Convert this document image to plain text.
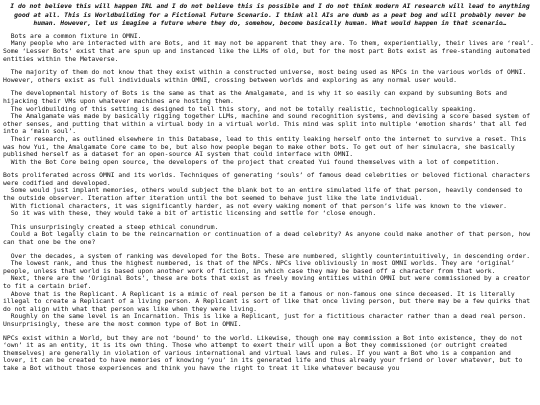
I do not believe this will happen IRL and I do not believe this is possible and I do not think modern AI research will lead to anything good at all. This is Worldbuilding for a Fictional Future Scenario. I think all AIs are dumb as a peat bog and will probably never be human. However, let us imagine a future where they do, somehow, become basically human. What would happen in that scenario…

Bots are a common fixture in OMNI.
Many people who are interacted with are Bots, and it may not be apparent that they are. To them, experientially, their lives are ‘real’. Some ‘Lesser Bots’ exist that are spun up and instanced like the LLMs of old, but for the most part Bots exist as free-standing automated entities within the Metaverse.

The majority of them do not know that they exist within a constructed universe, most being used as NPCs in the various worlds of OMNI. However, others exist as full individuals within OMNI, crossing between worlds and exploring as any normal user would.

The developmental history of Bots is the same as that as the Amalgamate, and is why it so easily can expand by subsuming Bots and hijacking their VMs upon whatever machines are hosting them.
The worldbuilding of this setting is designed to tell this story, and not be totally realistic, technologically speaking.
The Amalgamate was made by basically rigging together LLMs, machine and sound recognition systems, and devising a score based system of other senses, and putting that within a virtual body in a virtual world. This mind was split into multiple ‘emotion shards’ that all fed into a ‘main soul’.
Their research, as outlined elsewhere in this Database, lead to this entity leaking herself onto the internet to survive a reset. This was how Yui, the Amalgamate Core came to be, but also how people began to make other bots. To get out of her simulacra, she basically published herself as a dataset for an open-source AI system that could interface with OMNI.
With the Bot Core being open source, the developers of the project that created Yui found themselves with a lot of competition.

Bots proliferated across OMNI and its worlds. Techniques of generating ‘souls’ of famous dead celebrities or beloved fictional characters were codified and developed.
Some would just implant memories, others would subject the blank bot to an entire simulated life of that person, heavily condensed to the outside observer. Iteration after iteration until the bot seemed to behave just like the late individual.
With fictional characters, it was significantly harder, as not every waking moment of that person’s life was known to the viewer.
So it was with these, they would take a bit of artistic licensing and settle for ‘close enough.

This unsurprisingly created a steep ethical conundrum.
Could a Bot legally claim to be the reincarnation or continuation of a dead celebrity? As anyone could make another of that person, how can that one be the one?

Over the decades, a system of ranking was developed for the Bots. These are numbered, slightly counterintuitively, in descending order.
The lowest rank, and thus the highest numbered, is that of the NPCs. NPCs live obliviously in most OMNI worlds. They are ‘original’ people, unless that world is based upon another work of fiction, in which case they may be based off a character from that work.
Next, there are the ‘Original Bots’, these are bots that exist as freely moving entities within OMNI but were commissioned by a creator to fit a certain brief.
Above that is the Replicant. A Replicant is a mimic of real person be it a famous or non-famous one since deceased. It is literally illegal to create a Replicant of a living person. A Replicant is sort of like that once living person, but there may be a few quirks that do not align with what that person was like when they were living.
Roughly on the same level is an Incarnation. This is like a Replicant, just for a fictitious character rather than a dead real person. Unsurprisingly, these are the most common type of Bot in OMNI.

NPCs exist within a World, but they are not ‘bound’ to the world. Likewise, though one may commission a Bot into existence, they do not ‘own’ it as an entity, it is its own thing. Those who attempt to exert their will upon a Bot they commissioned (or outright created themselves) are generally in violation of various international and virtual laws and rules. If you want a Bot who is a companion and lover, it can be created to have memories of knowing ‘you’ in its generated life and thus already your friend or lover whatever, but to take a Bot without those experiences and think you have the right to treat it like whatever because you
